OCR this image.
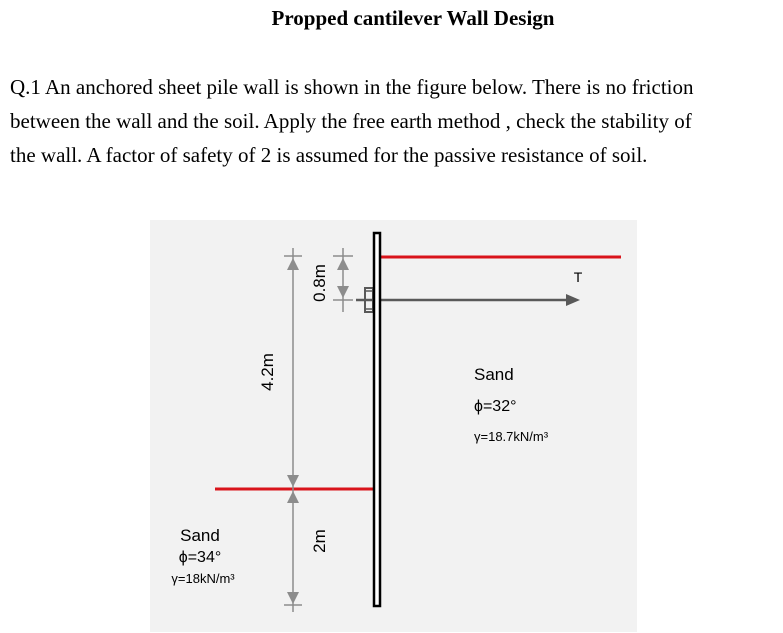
Propped cantilever Wall Design

Q.1 An anchored sheet pile wall is shown in the figure below. There is no friction
between the wall and the soil. Apply the free earth method , check the stability of
the wall. A factor of safety of 2 is assumed for the passive resistance of soil.

4.2m
0.8m
2m
T
Sand
ϕ=32°
γ=18.7kN/m³
Sand
ϕ=34°
γ=18kN/m³
